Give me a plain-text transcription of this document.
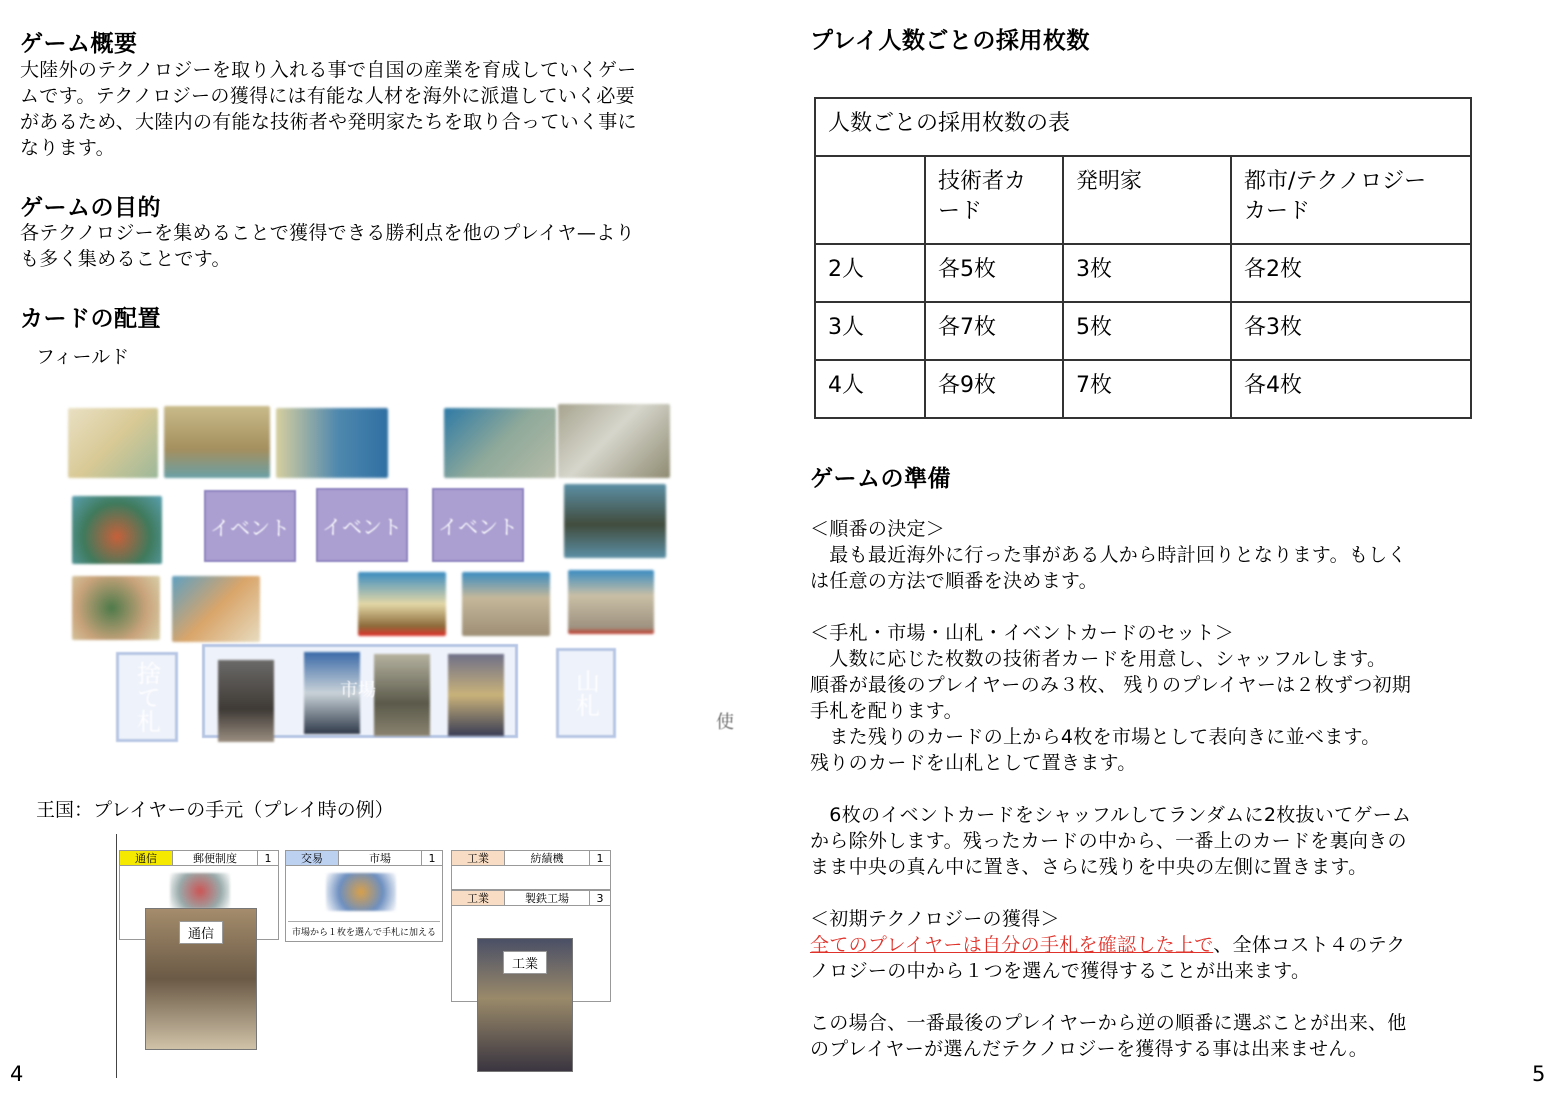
ゲーム概要
大陸外のテクノロジーを取り入れる事で自国の産業を育成していくゲー
ムです。テクノロジーの獲得には有能な人材を海外に派遣していく必要
があるため、大陸内の有能な技術者や発明家たちを取り合っていく事に
なります。
ゲームの目的
各テクノロジーを集めることで獲得できる勝利点を他のプレイヤ—より
も多く集めることです。
カードの配置
フィールド
イベント イベント イベント
捨て札	市場	山札
使
王国：プレイヤーの手元（プレイ時の例）
通信	郵便制度	1
通信
交易	市場	1
市場から１枚を選んで手札に加える
工業	紡績機	1
工業	製鉄工場	3
工業
4
プレイ人数ごとの採用枚数
人数ごとの採用枚数の表			
	技術者カ
ード	発明家	都市/テクノロジー
カード
2人	各5枚	3枚	各2枚
3人	各7枚	5枚	各3枚
4人	各9枚	7枚	各4枚
ゲームの準備
＜順番の決定＞
　最も最近海外に行った事がある人から時計回りとなります。もしく
は任意の方法で順番を決めます。
＜手札・市場・山札・イベントカードのセット＞
　人数に応じた枚数の技術者カードを用意し、シャッフルします。
順番が最後のプレイヤーのみ３枚、 残りのプレイヤーは２枚ずつ初期
手札を配ります。
　また残りのカードの上から4枚を市場として表向きに並べます。
残りのカードを山札として置きます。
　6枚のイベントカードをシャッフルしてランダムに2枚抜いてゲーム
から除外します。残ったカードの中から、一番上のカードを裏向きの
まま中央の真ん中に置き、さらに残りを中央の左側に置きます。
＜初期テクノロジーの獲得＞
全てのプレイヤーは自分の手札を確認した上で、全体コスト４のテク
ノロジーの中から１つを選んで獲得することが出来ます。
この場合、一番最後のプレイヤーから逆の順番に選ぶことが出来、他
のプレイヤーが選んだテクノロジーを獲得する事は出来ません。
5
